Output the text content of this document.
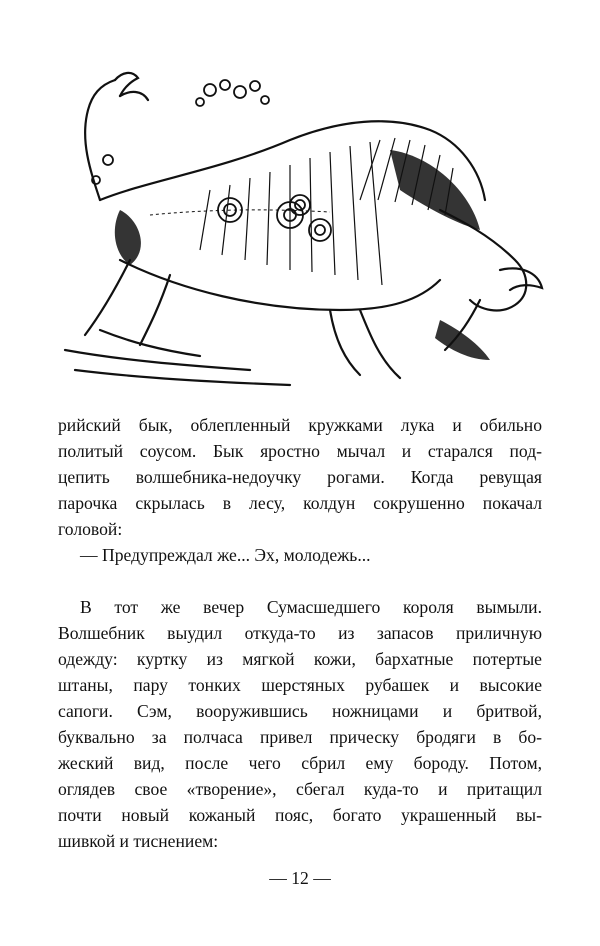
рийский бык, облепленный кружками лука и обильно
политый соусом. Бык яростно мычал и старался под-
цепить волшебника-недоучку рогами. Когда ревущая
парочка скрылась в лесу, колдун сокрушенно покачал
головой:
— Предупреждал же... Эх, молодежь...
В тот же вечер Сумасшедшего короля вымыли.
Волшебник выудил откуда-то из запасов приличную
одежду: куртку из мягкой кожи, бархатные потертые
штаны, пару тонких шерстяных рубашек и высокие
сапоги. Сэм, вооружившись ножницами и бритвой,
буквально за полчаса привел прическу бродяги в бо-
жеский вид, после чего сбрил ему бороду. Потом,
оглядев свое «творение», сбегал куда-то и притащил
почти новый кожаный пояс, богато украшенный вы-
шивкой и тиснением:
— 12 —
